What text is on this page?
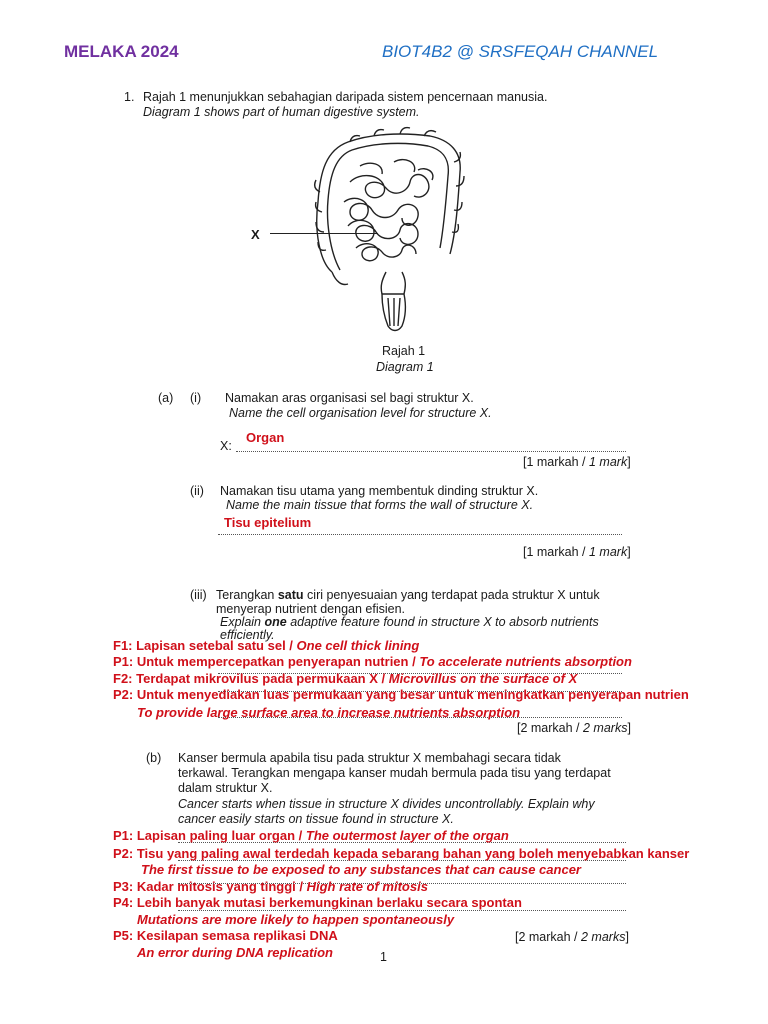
MELAKA 2024	BIOT4B2 @ SRSFEQAH CHANNEL
1. Rajah 1 menunjukkan sebahagian daripada sistem pencernaan manusia.
Diagram 1 shows part of human digestive system.
X
Rajah 1
Diagram 1
(a) (i) Namakan aras organisasi sel bagi struktur X.
Name the cell organisation level for structure X.
Organ
X:
[1 markah / 1 mark]
(ii) Namakan tisu utama yang membentuk dinding struktur X.
Name the main tissue that forms the wall of structure X.
Tisu epitelium
[1 markah / 1 mark]
(iii) Terangkan satu ciri penyesuaian yang terdapat pada struktur X untuk
menyerap nutrient dengan efisien.
Explain one adaptive feature found in structure X to absorb nutrients
efficiently.
F1: Lapisan setebal satu sel / One cell thick lining
P1: Untuk mempercepatkan penyerapan nutrien / To accelerate nutrients absorption
F2: Terdapat mikrovilus pada permukaan X / Microvillus on the surface of X
P2: Untuk menyediakan luas permukaan yang besar untuk meningkatkan penyerapan nutrien
To provide large surface area to increase nutrients absorption
[2 markah / 2 marks]
(b) Kanser bermula apabila tisu pada struktur X membahagi secara tidak
terkawal. Terangkan mengapa kanser mudah bermula pada tisu yang terdapat
dalam struktur X.
Cancer starts when tissue in structure X divides uncontrollably. Explain why
cancer easily starts on tissue found in structure X.
P1: Lapisan paling luar organ / The outermost layer of the organ
P2: Tisu yang paling awal terdedah kepada sebarang bahan yang boleh menyebabkan kanser
The first tissue to be exposed to any substances that can cause cancer
P3: Kadar mitosis yang tinggi / High rate of mitosis
P4: Lebih banyak mutasi berkemungkinan berlaku secara spontan
Mutations are more likely to happen spontaneously
P5: Kesilapan semasa replikasi DNA
An error during DNA replication
[2 markah / 2 marks]
1
